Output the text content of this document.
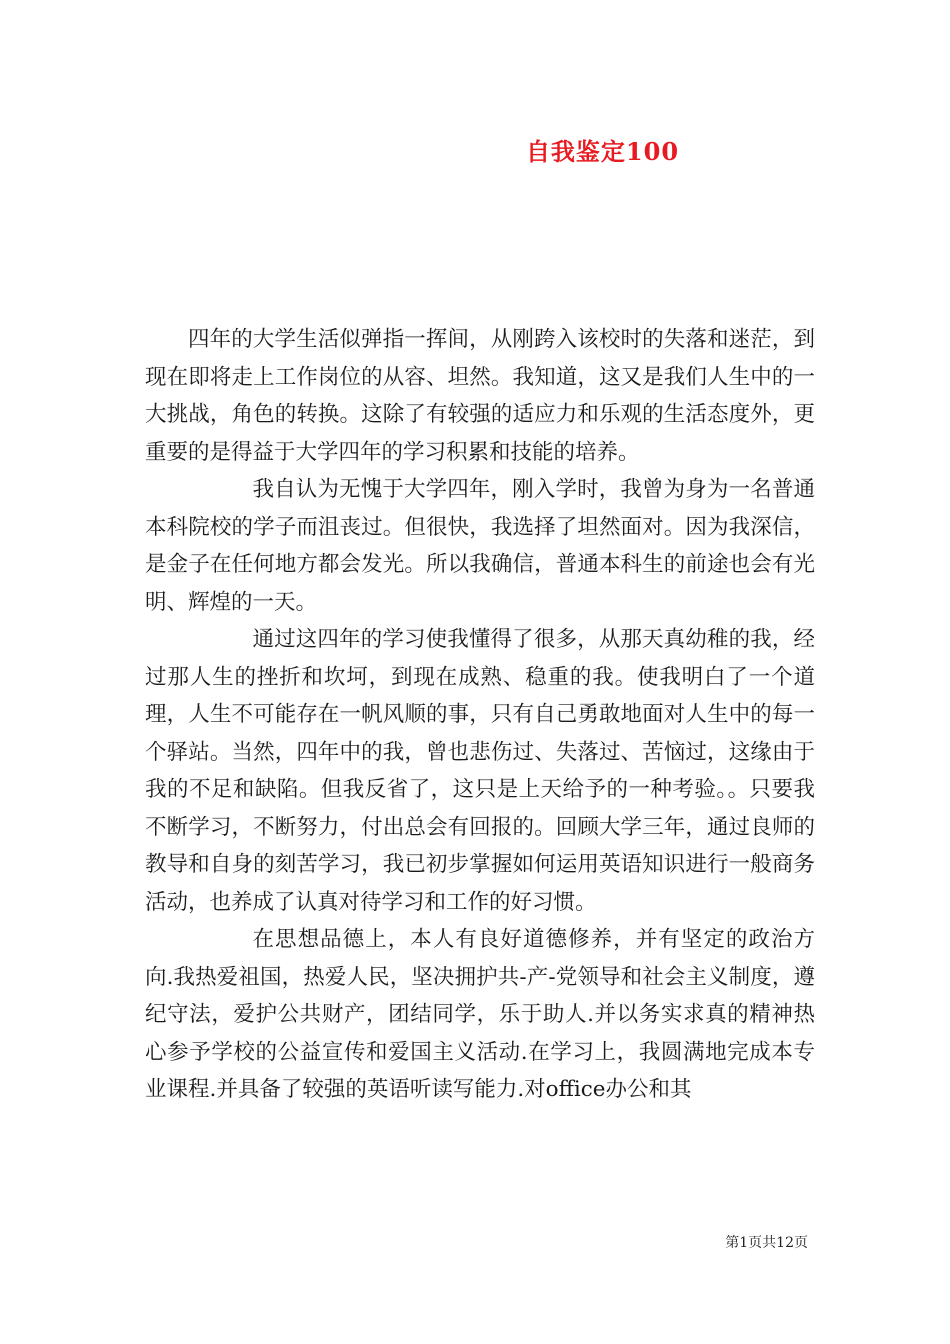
自我鉴定100

四年的大学生活似弹指一挥间，从刚跨入该校时的失落和迷茫，到现在即将走上工作岗位的从容、坦然。我知道，这又是我们人生中的一大挑战，角色的转换。这除了有较强的适应力和乐观的生活态度外，更重要的是得益于大学四年的学习积累和技能的培养。

我自认为无愧于大学四年，刚入学时，我曾为身为一名普通本科院校的学子而沮丧过。但很快，我选择了坦然面对。因为我深信，是金子在任何地方都会发光。所以我确信，普通本科生的前途也会有光明、辉煌的一天。

通过这四年的学习使我懂得了很多，从那天真幼稚的我，经过那人生的挫折和坎坷，到现在成熟、稳重的我。使我明白了一个道理，人生不可能存在一帆风顺的事，只有自己勇敢地面对人生中的每一个驿站。当然，四年中的我，曾也悲伤过、失落过、苦恼过，这缘由于我的不足和缺陷。但我反省了，这只是上天给予的一种考验。。只要我不断学习，不断努力，付出总会有回报的。回顾大学三年，通过良师的教导和自身的刻苦学习，我已初步掌握如何运用英语知识进行一般商务活动，也养成了认真对待学习和工作的好习惯。

在思想品德上，本人有良好道德修养，并有坚定的政治方向.我热爱祖国，热爱人民，坚决拥护共-产-党领导和社会主义制度，遵纪守法，爱护公共财产，团结同学，乐于助人.并以务实求真的精神热心参予学校的公益宣传和爱国主义活动.在学习上，我圆满地完成本专业课程.并具备了较强的英语听读写能力.对office办公和其

第1页共12页
